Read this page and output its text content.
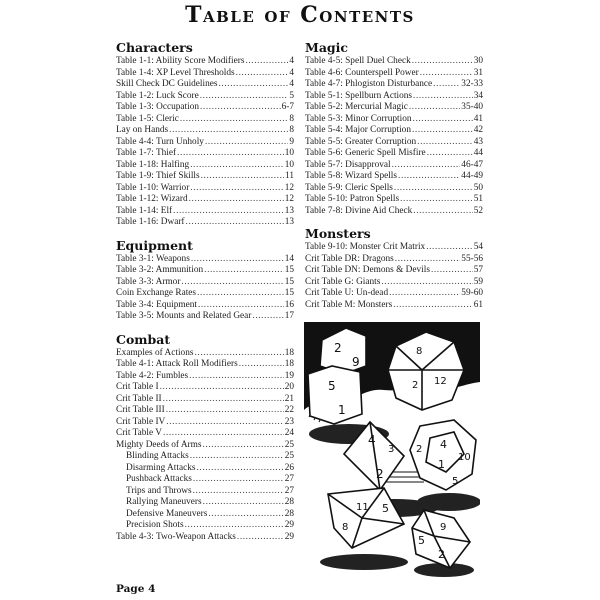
Table of Contents
Characters
Table 1-1: Ability Score Modifiers .....	4
Table 1-4: XP Level Thresholds .....	4
Skill Check DC Guidelines .....	4
Table 1-2: Luck Score .....	5
Table 1-3: Occupation .....	6-7
Table 1-5: Cleric .....	8
Lay on Hands .....	8
Table 4-4: Turn Unholy .....	9
Table 1-7: Thief .....	10
Table 1-18: Halfing .....	10
Table 1-9: Thief Skills .....	11
Table 1-10: Warrior .....	12
Table 1-12: Wizard .....	12
Table 1-14: Elf .....	13
Table 1-16: Dwarf .....	13
Equipment
Table 3-1: Weapons .....	14
Table 3-2: Ammunition .....	15
Table 3-3: Armor .....	15
Coin Exchange Rates .....	15
Table 3-4: Equipment .....	16
Table 3-5: Mounts and Related Gear .....	17
Combat
Examples of Actions .....	18
Table 4-1: Attack Roll Modifiers .....	18
Table 4-2: Fumbles .....	19
Crit Table I .....	20
Crit Table II .....	21
Crit Table III .....	22
Crit Table IV .....	23
Crit Table V .....	24
Mighty Deeds of Arms .....	25
Blinding Attacks .....	25
Disarming Attacks .....	26
Pushback Attacks .....	27
Trips and Throws .....	27
Rallying Maneuvers .....	28
Defensive Maneuvers .....	28
Precision Shots .....	29
Table 4-3: Two-Weapon Attacks .....	29
Magic
Table 4-5: Spell Duel Check .....	30
Table 4-6: Counterspell Power .....	31
Table 4-7: Phlogiston Disturbance .....	32-33
Table 5-1: Spellburn Actions .....	34
Table 5-2: Mercurial Magic .....	35-40
Table 5-3: Minor Corruption .....	41
Table 5-4: Major Corruption .....	42
Table 5-5: Greater Corruption .....	43
Table 5-6: Generic Spell Misfire .....	44
Table 5-7: Disapproval .....	46-47
Table 5-8: Wizard Spells .....	44-49
Table 5-9: Cleric Spells .....	50
Table 5-10: Patron Spells .....	51
Table 7-8: Divine Aid Check .....	52
Monsters
Table 9-10: Monster Crit Matrix .....	54
Crit Table DR: Dragons .....	55-56
Crit Table DN: Demons & Devils .....	57
Crit Table G: Giants .....	59
Crit Table U: Un-dead .....	59-60
Crit Table M: Monsters .....	61
2
9
5
1
8
2 12
4
3
2
4
2
1
10
5
11 5
8	9
5
2
Page 4
